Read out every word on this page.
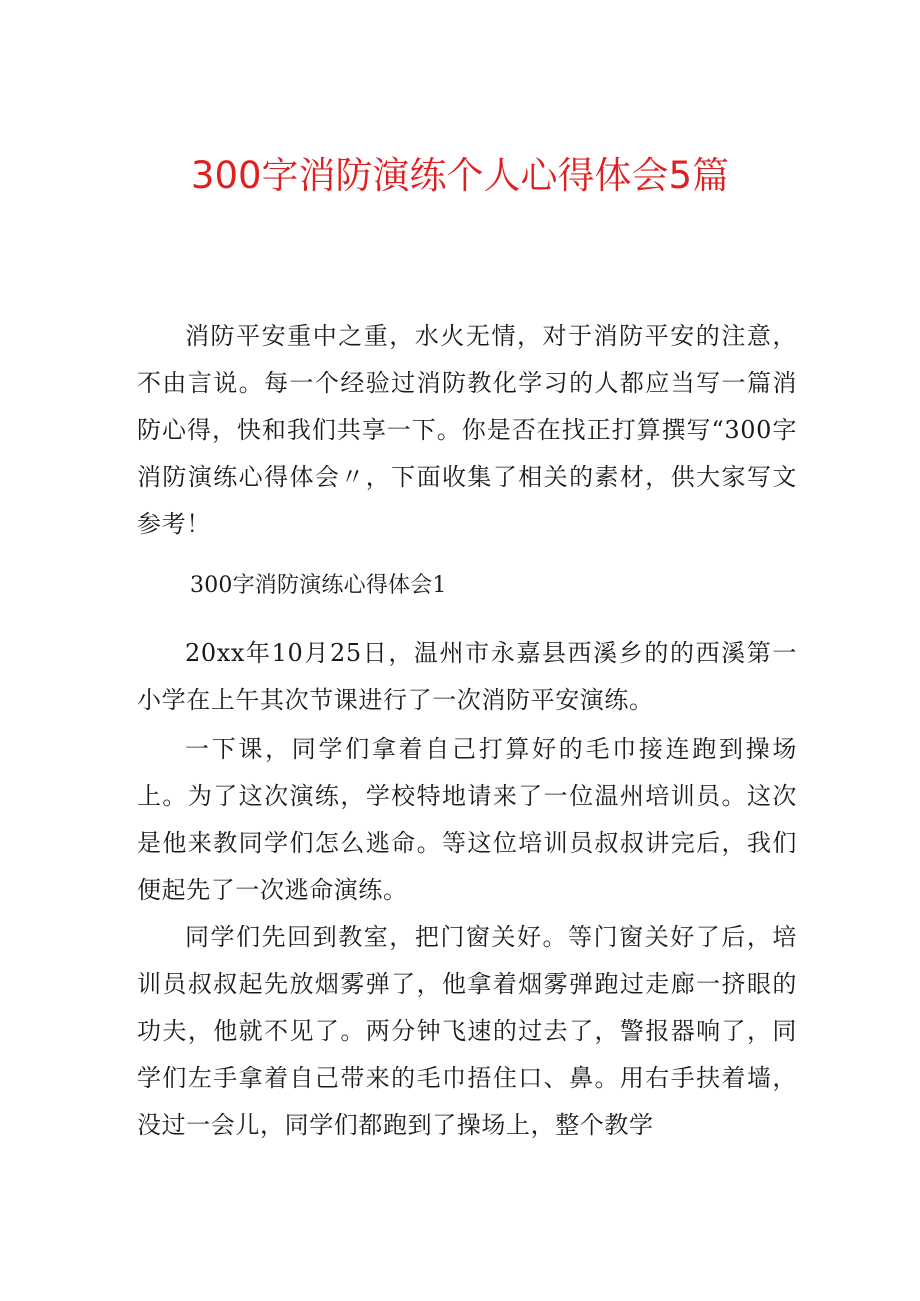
300字消防演练个人心得体会5篇

消防平安重中之重，水火无情，对于消防平安的注意，不由言说。每一个经验过消防教化学习的人都应当写一篇消防心得，快和我们共享一下。你是否在找正打算撰写“300字消防演练心得体会〃，下面收集了相关的素材，供大家写文参考！

300字消防演练心得体会1

20xx年10月25日，温州市永嘉县西溪乡的的西溪第一小学在上午其次节课进行了一次消防平安演练。

一下课，同学们拿着自己打算好的毛巾接连跑到操场上。为了这次演练，学校特地请来了一位温州培训员。这次是他来教同学们怎么逃命。等这位培训员叔叔讲完后，我们便起先了一次逃命演练。

同学们先回到教室，把门窗关好。等门窗关好了后，培训员叔叔起先放烟雾弹了，他拿着烟雾弹跑过走廊一挤眼的功夫，他就不见了。两分钟飞速的过去了，警报器响了，同学们左手拿着自己带来的毛巾捂住口、鼻。用右手扶着墙，没过一会儿，同学们都跑到了操场上，整个教学
